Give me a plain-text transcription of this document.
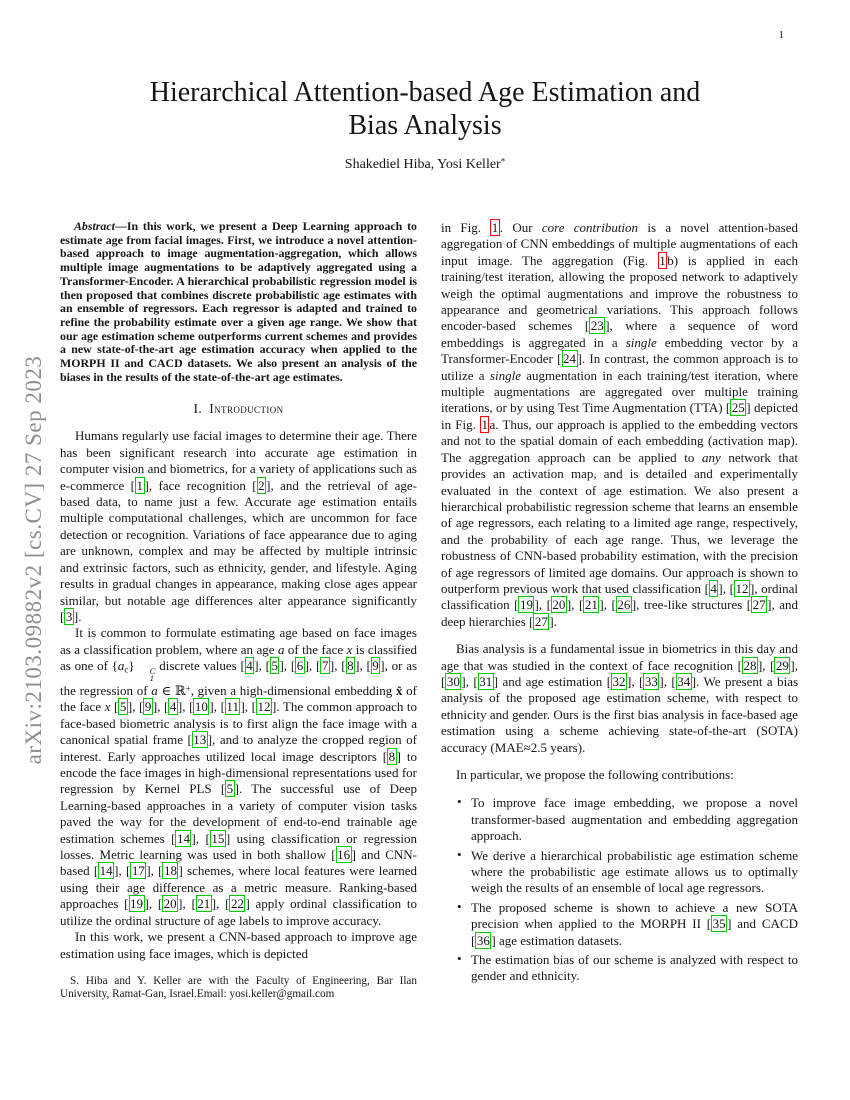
1
arXiv:2103.09882v2 [cs.CV] 27 Sep 2023
Hierarchical Attention-based Age Estimation and
Bias Analysis
Shakediel Hiba, Yosi Keller*

Abstract—In this work, we present a Deep Learning approach to estimate age from facial images. First, we introduce a novel attention-based approach to image augmentation-aggregation, which allows multiple image augmentations to be adaptively aggregated using a Transformer-Encoder. A hierarchical probabilistic regression model is then proposed that combines discrete probabilistic age estimates with an ensemble of regressors. Each regressor is adapted and trained to refine the probability estimate over a given age range. We show that our age estimation scheme outperforms current schemes and provides a new state-of-the-art age estimation accuracy when applied to the MORPH II and CACD datasets. We also present an analysis of the biases in the results of the state-of-the-art age estimates.

I. Introduction

Humans regularly use facial images to determine their age. There has been significant research into accurate age estimation in computer vision and biometrics, for a variety of applications such as e-commerce [ 1 ], face recognition [ 2 ], and the retrieval of age-based data, to name just a few. Accurate age estimation entails multiple computational challenges, which are uncommon for face detection or recognition. Variations of face appearance due to aging are unknown, complex and may be affected by multiple intrinsic and extrinsic factors, such as ethnicity, gender, and lifestyle. Aging results in gradual changes in appearance, making close ages appear similar, but notable age differences alter appearance significantly [ 3 ].

It is common to formulate estimating age based on face images as a classification problem, where an age a of the face x is classified as one of $\{a_c\}$	C
1
discrete values [ 4 ], [ 5 ], [ 6 ], [ 7 ], [ 8 ], [ 9 ], or as the regression of a ∈ ℝ+, given a high-dimensional embedding x̂ of the face x [ 5 ], [ 9 ], [ 4 ], [ 10 ], [ 11 ], [ 12 ]. The common approach to face-based biometric analysis is to first align the face image with a canonical spatial frame [ 13 ], and to analyze the cropped region of interest. Early approaches utilized local image descriptors [ 8 ] to encode the face images in high-dimensional representations used for regression by Kernel PLS [ 5 ]. The successful use of Deep Learning-based approaches in a variety of computer vision tasks paved the way for the development of end-to-end trainable age estimation schemes [ 14 ], [ 15 ] using classification or regression losses. Metric learning was used in both shallow [ 16 ] and CNN-based [ 14 ], [ 17 ], [ 18 ] schemes, where local features were learned using their age difference as a metric measure. Ranking-based approaches [ 19 ], [ 20 ], [ 21 ], [ 22 ] apply ordinal classification to utilize the ordinal structure of age labels to improve accuracy.

In this work, we present a CNN-based approach to improve age estimation using face images, which is depicted

S. Hiba and Y. Keller are with the Faculty of Engineering, Bar Ilan University, Ramat-Gan, Israel.Email: yosi.keller@gmail.com

in Fig. 1 . Our core contribution is a novel attention-based aggregation of CNN embeddings of multiple augmentations of each input image. The aggregation (Fig. 1 b) is applied in each training/test iteration, allowing the proposed network to adaptively weigh the optimal augmentations and improve the robustness to appearance and geometrical variations. This approach follows encoder-based schemes [ 23 ], where a sequence of word embeddings is aggregated in a single embedding vector by a Transformer-Encoder [ 24 ]. In contrast, the common approach is to utilize a single augmentation in each training/test iteration, where multiple augmentations are aggregated over multiple training iterations, or by using Test Time Augmentation (TTA) [ 25 ] depicted in Fig. 1 a. Thus, our approach is applied to the embedding vectors and not to the spatial domain of each embedding (activation map). The aggregation approach can be applied to any network that provides an activation map, and is detailed and experimentally evaluated in the context of age estimation. We also present a hierarchical probabilistic regression scheme that learns an ensemble of age regressors, each relating to a limited age range, respectively, and the probability of each age range. Thus, we leverage the robustness of CNN-based probability estimation, with the precision of age regressors of limited age domains. Our approach is shown to outperform previous work that used classification [ 4 ], [ 12 ], ordinal classification [ 19 ], [ 20 ], [ 21 ], [ 26 ], tree-like structures [ 27 ], and deep hierarchies [ 27 ].

Bias analysis is a fundamental issue in biometrics in this day and age that was studied in the context of face recognition [ 28 ], [ 29 ], [ 30 ], [ 31 ] and age estimation [ 32 ], [ 33 ], [ 34 ]. We present a bias analysis of the proposed age estimation scheme, with respect to ethnicity and gender. Ours is the first bias analysis in face-based age estimation using a scheme achieving state-of-the-art (SOTA) accuracy (MAE≈2.5 years).

In particular, we propose the following contributions:

• To improve face image embedding, we propose a novel transformer-based augmentation and embedding aggregation approach.
• We derive a hierarchical probabilistic age estimation scheme where the probabilistic age estimate allows us to optimally weigh the results of an ensemble of local age regressors.
• The proposed scheme is shown to achieve a new SOTA precision when applied to the MORPH II [ 35 ] and CACD [ 36 ] age estimation datasets.
• The estimation bias of our scheme is analyzed with respect to gender and ethnicity.
